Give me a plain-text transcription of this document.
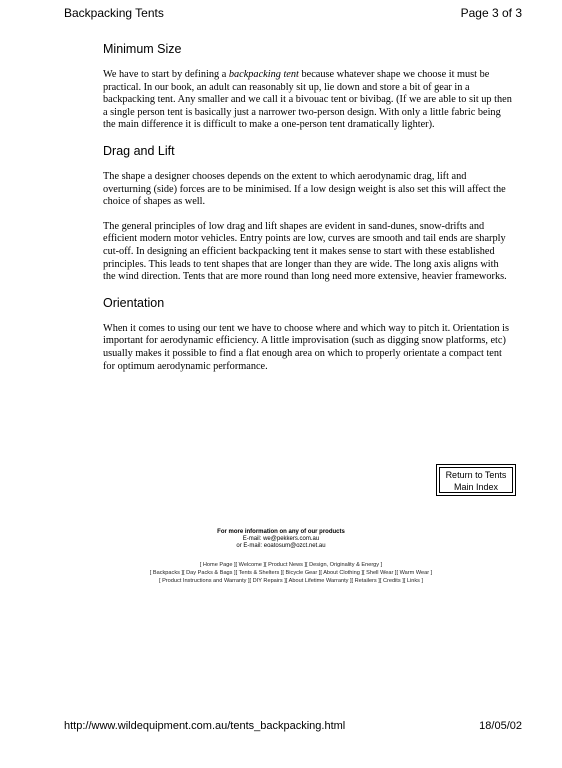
Backpacking Tents	Page 3 of 3
Minimum Size

We have to start by defining a backpacking tent because whatever shape we choose it must be practical. In our book, an adult can reasonably sit up, lie down and store a bit of gear in a backpacking tent. Any smaller and we call it a bivouac tent or bivibag. (If we are able to sit up then a single person tent is basically just a narrower two-person design. With only a little fabric being the main difference it is difficult to make a one-person tent dramatically lighter).

Drag and Lift

The shape a designer chooses depends on the extent to which aerodynamic drag, lift and overturning (side) forces are to be minimised. If a low design weight is also set this will affect the choice of shapes as well.

The general principles of low drag and lift shapes are evident in sand-dunes, snow-drifts and efficient modern motor vehicles. Entry points are low, curves are smooth and tail ends are sharply cut-off. In designing an efficient backpacking tent it makes sense to start with these established principles. This leads to tent shapes that are longer than they are wide. The long axis aligns with the wind direction. Tents that are more round than long need more extensive, heavier frameworks.

Orientation

When it comes to using our tent we have to choose where and which way to pitch it. Orientation is important for aerodynamic efficiency. A little improvisation (such as digging snow platforms, etc) usually makes it possible to find a flat enough area on which to properly orientate a compact tent for optimum aerodynamic performance.

Return to Tents
Main Index
For more information on any of our products
E-mail: we@pekkers.com.au
or E-mail: eoatosum@ozct.net.au
[ Home Page ][ Welcome ][ Product News ][ Design, Originality & Energy ]
[ Backpacks ][ Day Packs & Bags ][ Tents & Shelters ][ Bicycle Gear ][ About Clothing ][ Shell Wear ][ Warm Wear ]
[ Product Instructions and Warranty ][ DIY Repairs ][ About Lifetime Warranty ][ Retailers ][ Credits ][ Links ]
http://www.wildequipment.com.au/tents_backpacking.html	18/05/02
